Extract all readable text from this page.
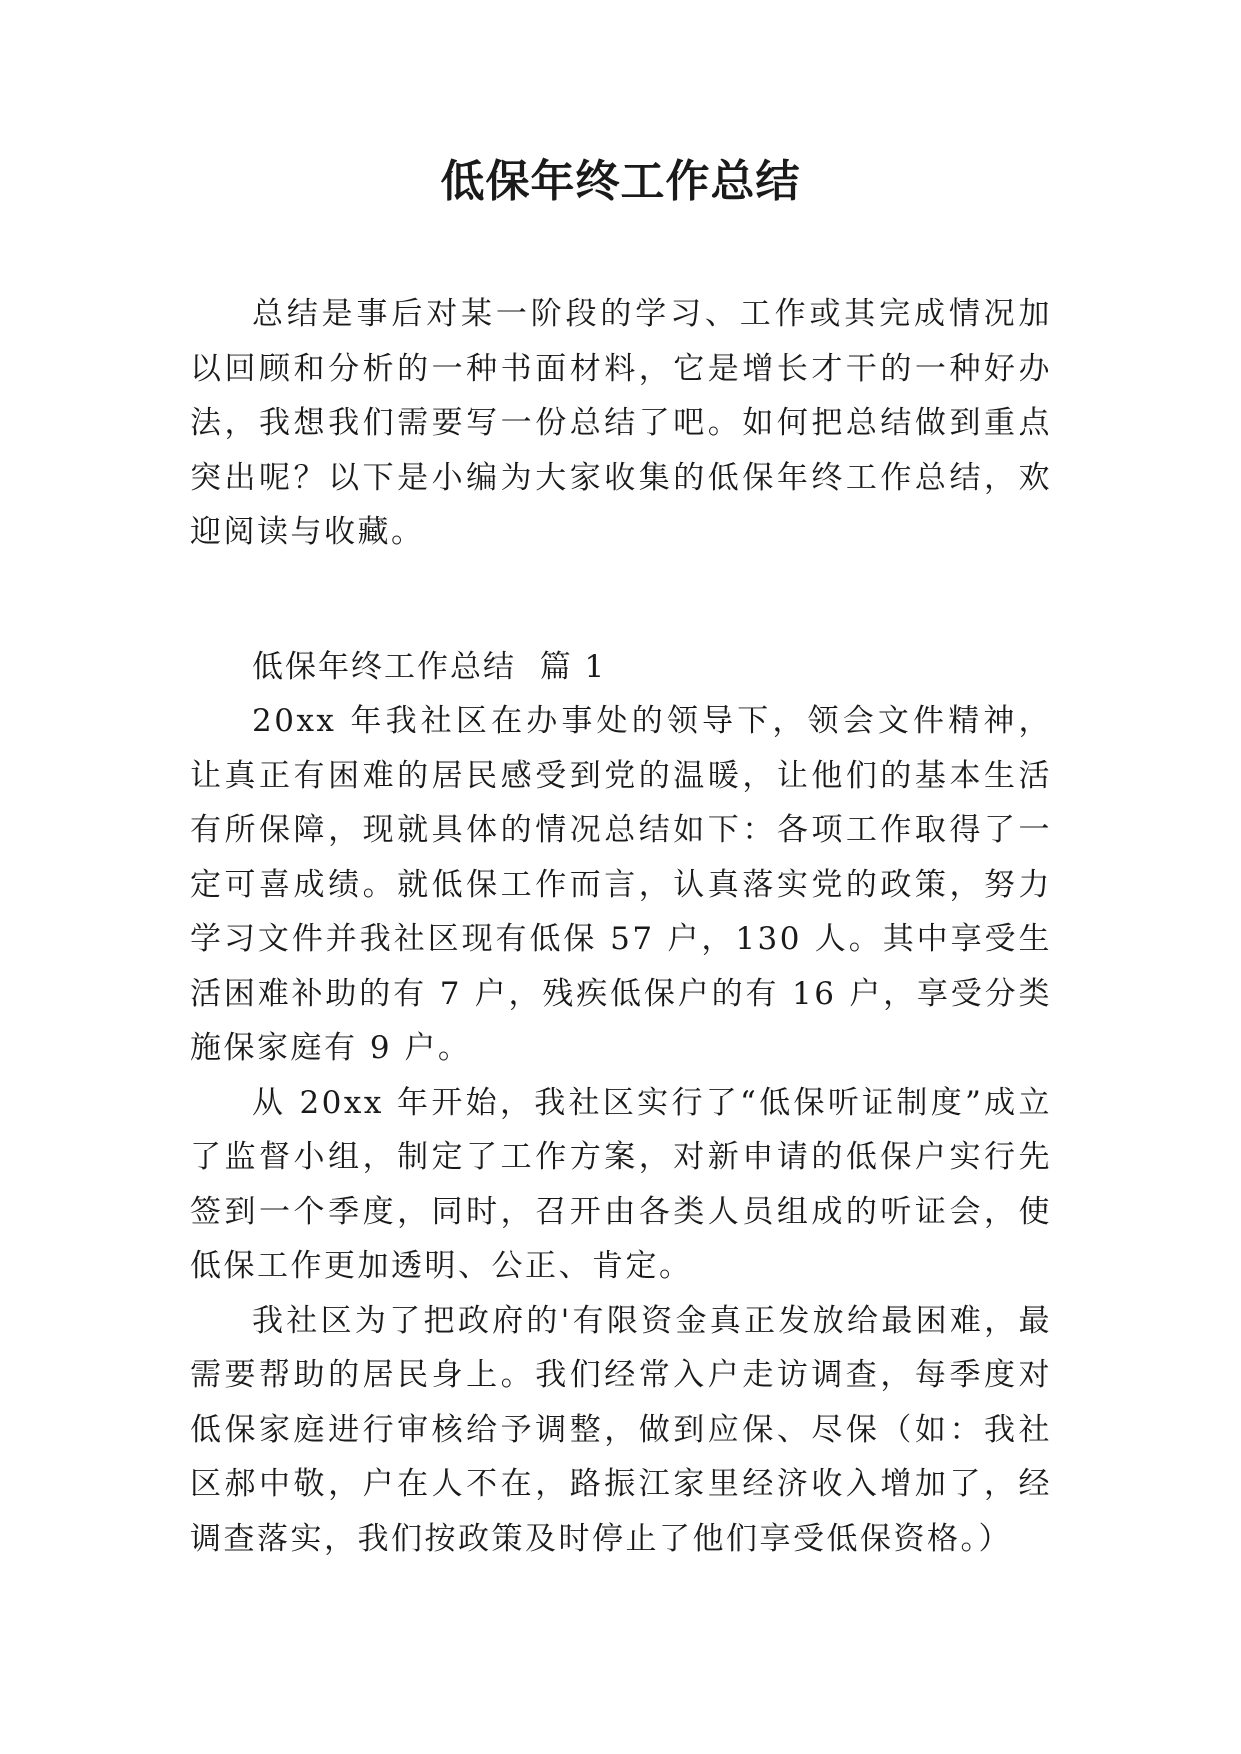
低保年终工作总结

总结是事后对某一阶段的学习、工作或其完成情况加以回顾和分析的一种书面材料，它是增长才干的一种好办法，我想我们需要写一份总结了吧。如何把总结做到重点突出呢？以下是小编为大家收集的低保年终工作总结，欢迎阅读与收藏。

低保年终工作总结  篇 1

20xx 年我社区在办事处的领导下，领会文件精神，让真正有困难的居民感受到党的温暖，让他们的基本生活有所保障，现就具体的情况总结如下：各项工作取得了一定可喜成绩。就低保工作而言，认真落实党的政策，努力学习文件并我社区现有低保 57 户，130 人。其中享受生活困难补助的有 7 户，残疾低保户的有 16 户，享受分类施保家庭有 9 户。

从 20xx 年开始，我社区实行了“低保听证制度”成立了监督小组，制定了工作方案，对新申请的低保户实行先签到一个季度，同时，召开由各类人员组成的听证会，使低保工作更加透明、公正、肯定。

我社区为了把政府的'有限资金真正发放给最困难，最需要帮助的居民身上。我们经常入户走访调查，每季度对低保家庭进行审核给予调整，做到应保、尽保（如：我社区郝中敬，户在人不在，路振江家里经济收入增加了，经调查落实，我们按政策及时停止了他们享受低保资格。）
